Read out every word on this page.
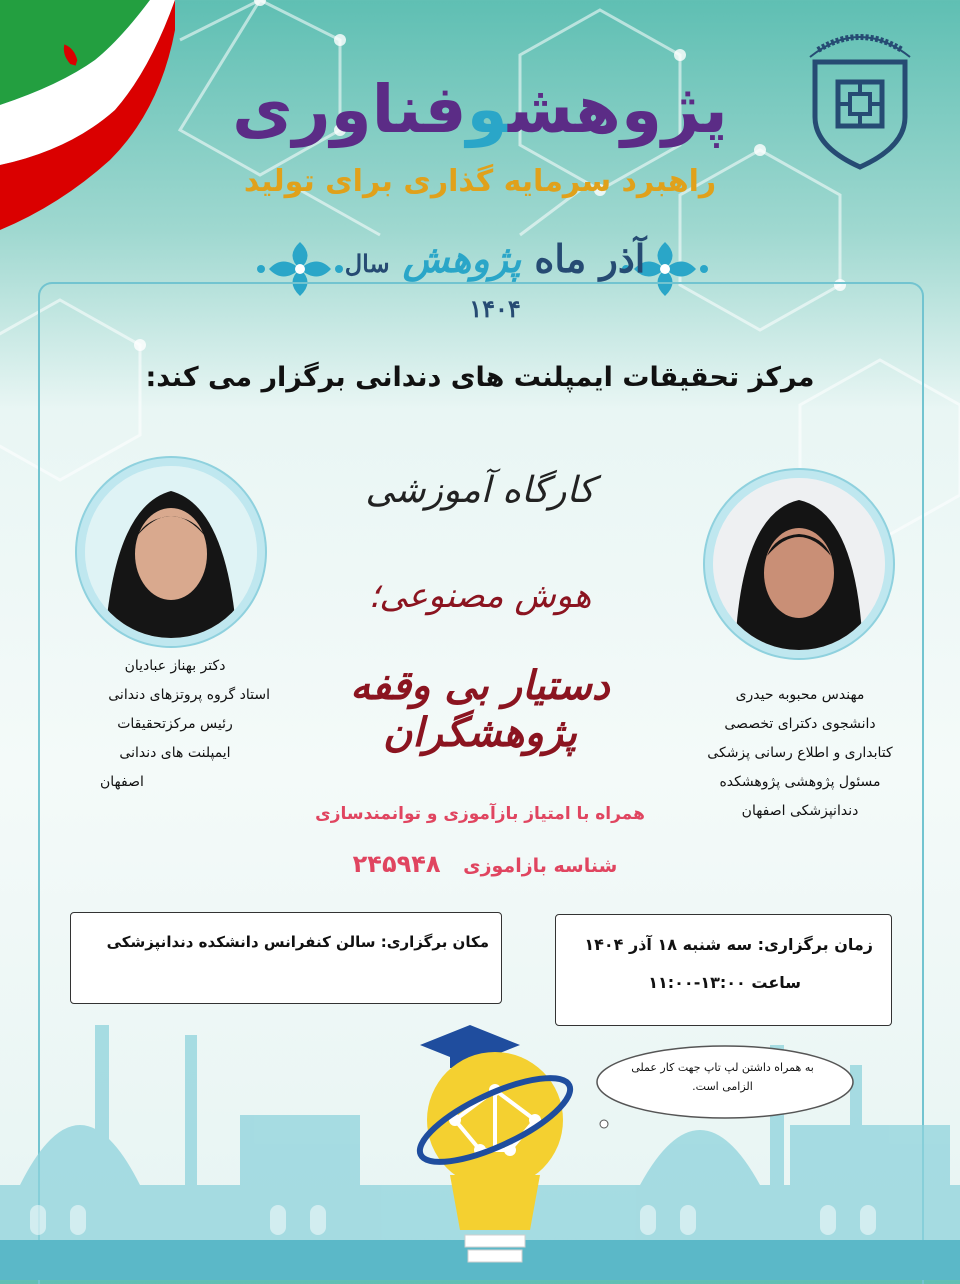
پژوهشوفناوری
راهبرد سرمایه گذاری برای تولید
آذر ماه پژوهش سال ۱۴۰۴
مرکز تحقیقات ایمپلنت های دندانی برگزار می کند:
کارگاه آموزشی
هوش مصنوعی؛
دستیار بی وقفه پژوهشگران
دکتر بهناز عبادیان
استاد گروه پروتزهای دندانی
رئیس مرکزتحقیقات
ایمپلنت های دندانی
اصفهان
مهندس محبوبه حیدری
دانشجوی دکترای تخصصی
کتابداری و اطلاع رسانی پزشکی
مسئول پژوهشی پژوهشکده
دندانپزشکی اصفهان
همراه با امتیاز بازآموزی و توانمندسازی
شناسه بازاموزی ۲۴۵۹۴۸
مکان برگزاری: سالن کنفرانس دانشکده دندانپزشکی	زمان برگزاری: سه شنبه ۱۸ آذر ۱۴۰۴
ساعت ۱۳:۰۰-۱۱:۰۰
به همراه داشتن لپ تاپ جهت کار عملی
الزامی است.
